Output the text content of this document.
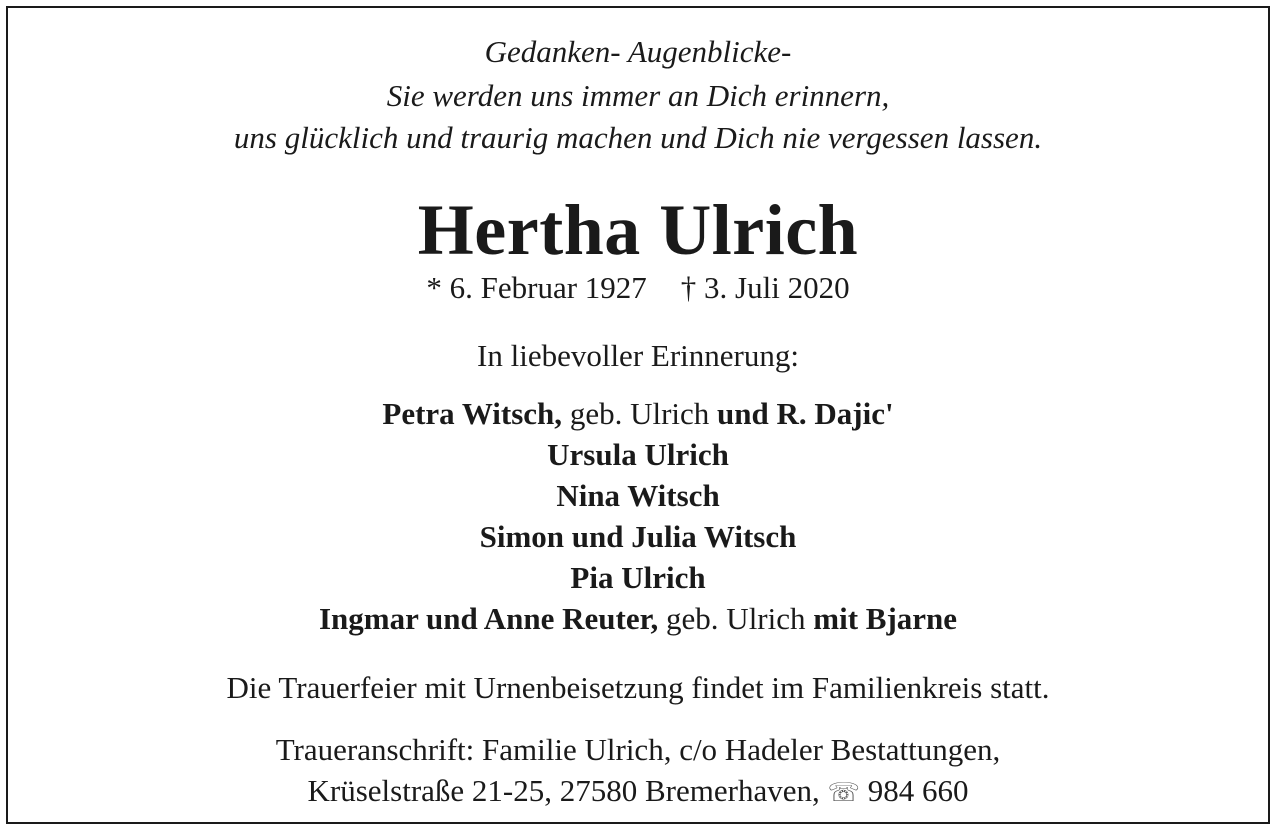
Gedanken- Augenblicke-
Sie werden uns immer an Dich erinnern,
uns glücklich und traurig machen und Dich nie vergessen lassen.
Hertha Ulrich
* 6. Februar 1927 † 3. Juli 2020
In liebevoller Erinnerung:
Petra Witsch, geb. Ulrich und R. Dajic'
Ursula Ulrich
Nina Witsch
Simon und Julia Witsch
Pia Ulrich
Ingmar und Anne Reuter, geb. Ulrich mit Bjarne
Die Trauerfeier mit Urnenbeisetzung findet im Familienkreis statt.
Traueranschrift: Familie Ulrich, c/o Hadeler Bestattungen,
Krüselstraße 21-25, 27580 Bremerhaven, ☏ 984 660
